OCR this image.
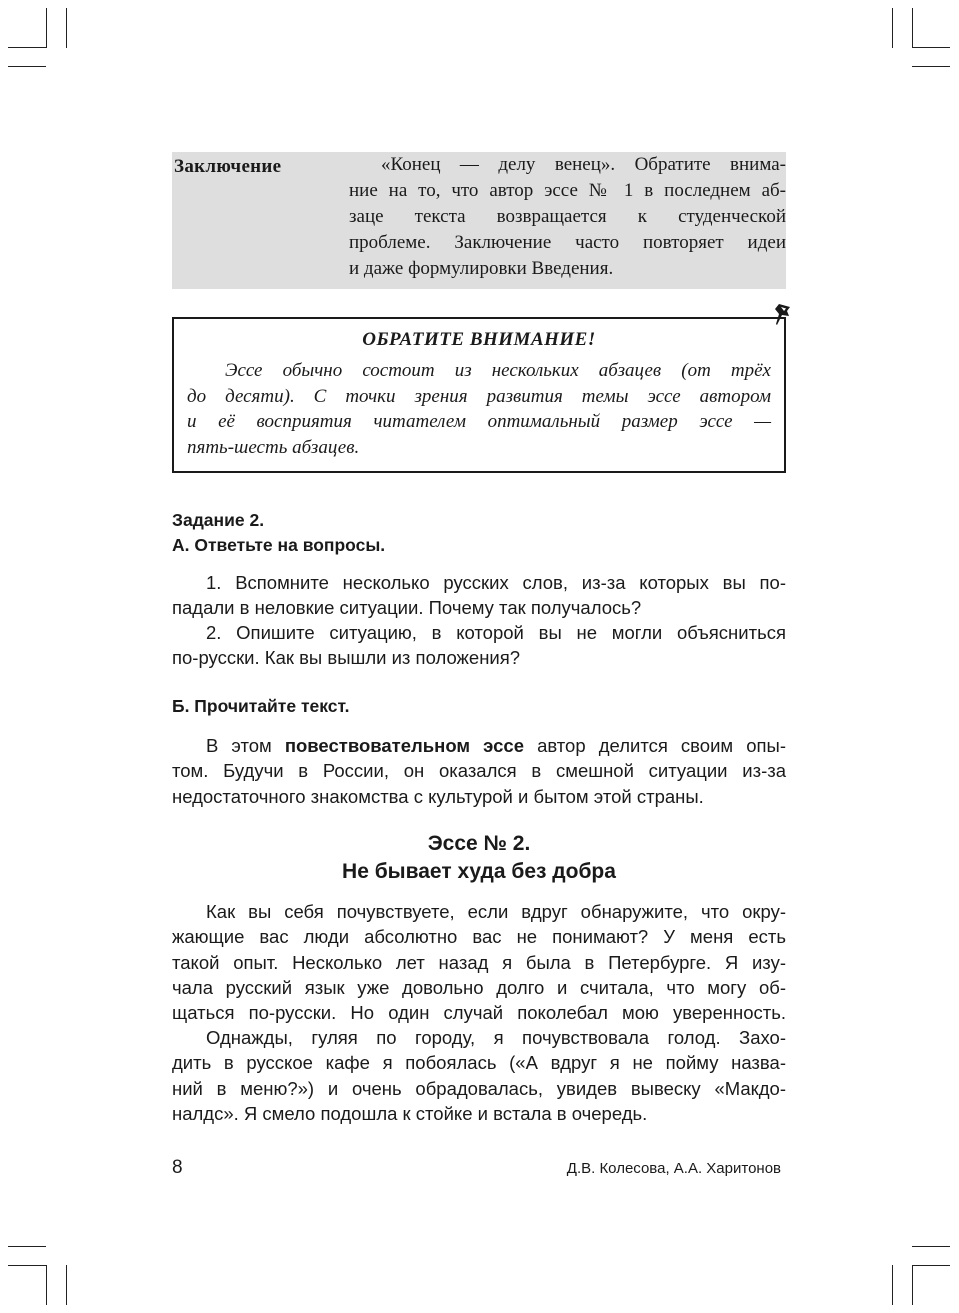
Заключение	«Конец — делу венец». Обратите внима-
ние на то, что автор эссе № 1 в последнем аб-
заце текста возвращается к студенческой
проблеме. Заключение часто повторяет идеи
и даже формулировки Введения.
ОБРАТИТЕ ВНИМАНИЕ!
Эссе обычно состоит из нескольких абзацев (от трёх
до десяти). С точки зрения развития темы эссе автором
и её восприятия читателем оптимальный размер эссе —
пять-шесть абзацев.
Задание 2.
А. Ответьте на вопросы.
1. Вспомните несколько русских слов, из-за которых вы по-
падали в неловкие ситуации. Почему так получалось?
2. Опишите ситуацию, в которой вы не могли объясниться
по-русски. Как вы вышли из положения?
Б. Прочитайте текст.
В этом повествовательном эссе автор делится своим опы-
том. Будучи в России, он оказался в смешной ситуации из-за
недостаточного знакомства с культурой и бытом этой страны.
Эссе № 2.
Не бывает худа без добра
Как вы себя почувствуете, если вдруг обнаружите, что окру-
жающие вас люди абсолютно вас не понимают? У меня есть
такой опыт. Несколько лет назад я была в Петербурге. Я изу-
чала русский язык уже довольно долго и считала, что могу об-
щаться по-русски. Но один случай поколебал мою уверенность.
Однажды, гуляя по городу, я почувствовала голод. Захо-
дить в русское кафе я побоялась («А вдруг я не пойму назва-
ний в меню?») и очень обрадовалась, увидев вывеску «Макдо-
налдс». Я смело подошла к стойке и встала в очередь.
8	Д.В. Колесова, А.А. Харитонов
